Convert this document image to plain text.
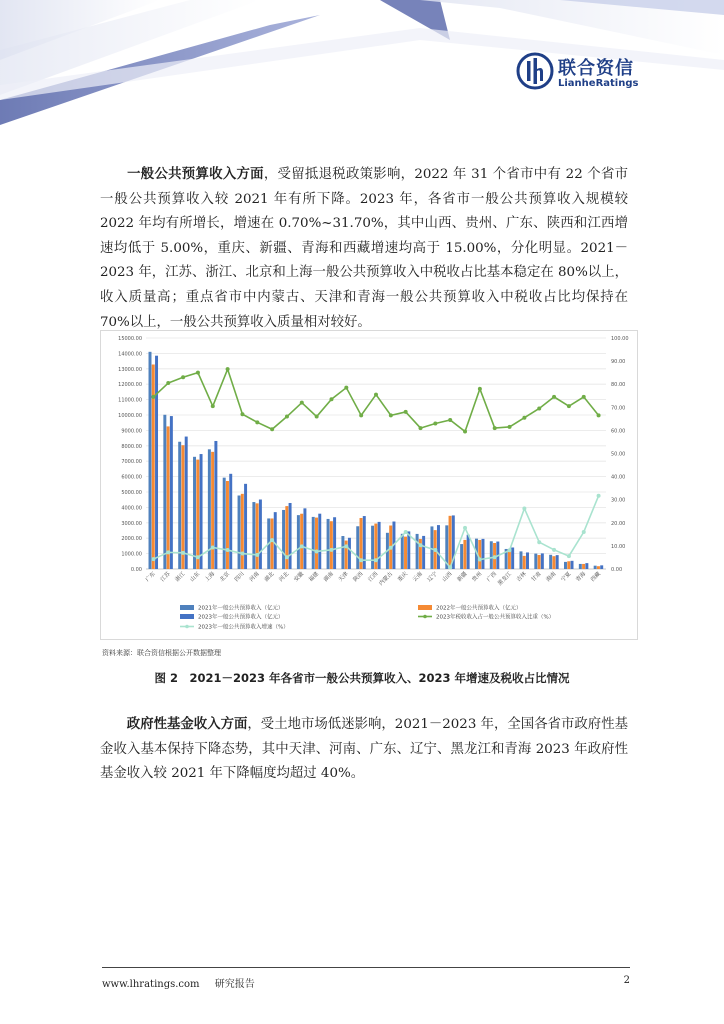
联合资信
LianheRatings

一般公共预算收入方面，受留抵退税政策影响，2022 年 31 个省市中有 22 个省市一般公共预算收入较 2021 年有所下降。2023 年，各省市一般公共预算收入规模较 2022 年均有所增长，增速在 0.70%~31.70%，其中山西、贵州、广东、陕西和江西增速均低于 5.00%，重庆、新疆、青海和西藏增速均高于 15.00%，分化明显。2021－2023 年，江苏、浙江、北京和上海一般公共预算收入中税收占比基本稳定在 80%以上，收入质量高；重点省市中内蒙古、天津和青海一般公共预算收入中税收占比均保持在 70%以上，一般公共预算收入质量相对较好。

0.00
1000.00
2000.00
3000.00
4000.00
5000.00
6000.00
7000.00
8000.00
9000.00
10000.00
11000.00
12000.00
13000.00
14000.00
15000.00
0.00
10.00
20.00
30.00
40.00
50.00
60.00
70.00
80.00
90.00
100.00
广东 江苏 浙江 山东 上海 北京 四川 河南 湖北 河北 安徽 福建 湖南 天津 陕西 江西
内蒙古 重庆 云南 辽宁 山西 新疆 贵州 广西
黑龙江 吉林 甘肃 海南 宁夏 青海 西藏
2021年一般公共预算收入（亿元）	2022年一般公共预算收入（亿元）
2023年一般公共预算收入（亿元）	2023年税收收入占一般公共预算收入比重（%）
2023年一般公共预算收入增速（%）
资料来源：联合资信根据公开数据整理
图 2　2021－2023 年各省市一般公共预算收入、2023 年增速及税收占比情况

政府性基金收入方面，受土地市场低迷影响，2021－2023 年，全国各省市政府性基金收入基本保持下降态势，其中天津、河南、广东、辽宁、黑龙江和青海 2023 年政府性基金收入较 2021 年下降幅度均超过 40%。

www.lhratings.com 研究报告	2
